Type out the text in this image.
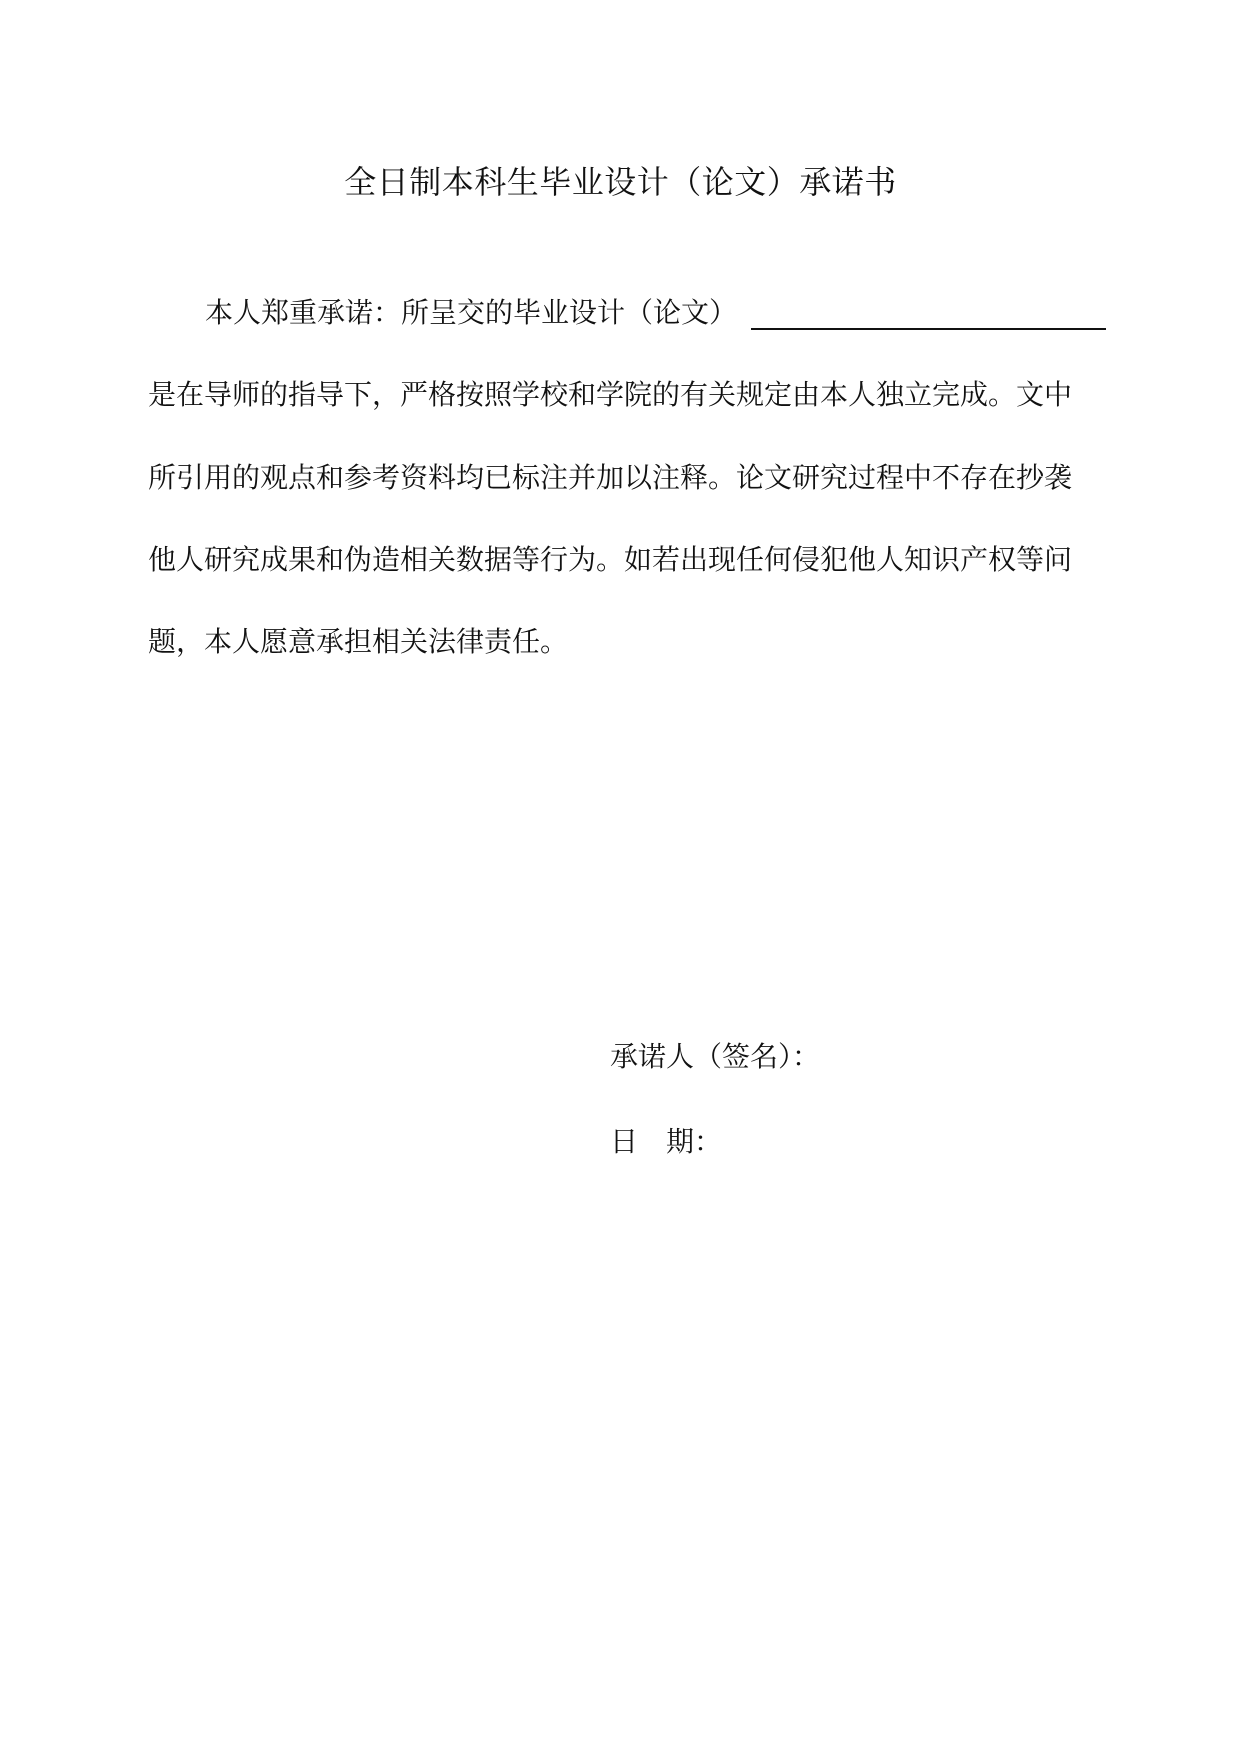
全日制本科生毕业设计（论文）承诺书
本人郑重承诺：所呈交的毕业设计（论文）
是在导师的指导下，严格按照学校和学院的有关规定由本人独立完成。文中
所引用的观点和参考资料均已标注并加以注释。论文研究过程中不存在抄袭
他人研究成果和伪造相关数据等行为。如若出现任何侵犯他人知识产权等问
题，本人愿意承担相关法律责任。
承诺人（签名）：
日　期：
